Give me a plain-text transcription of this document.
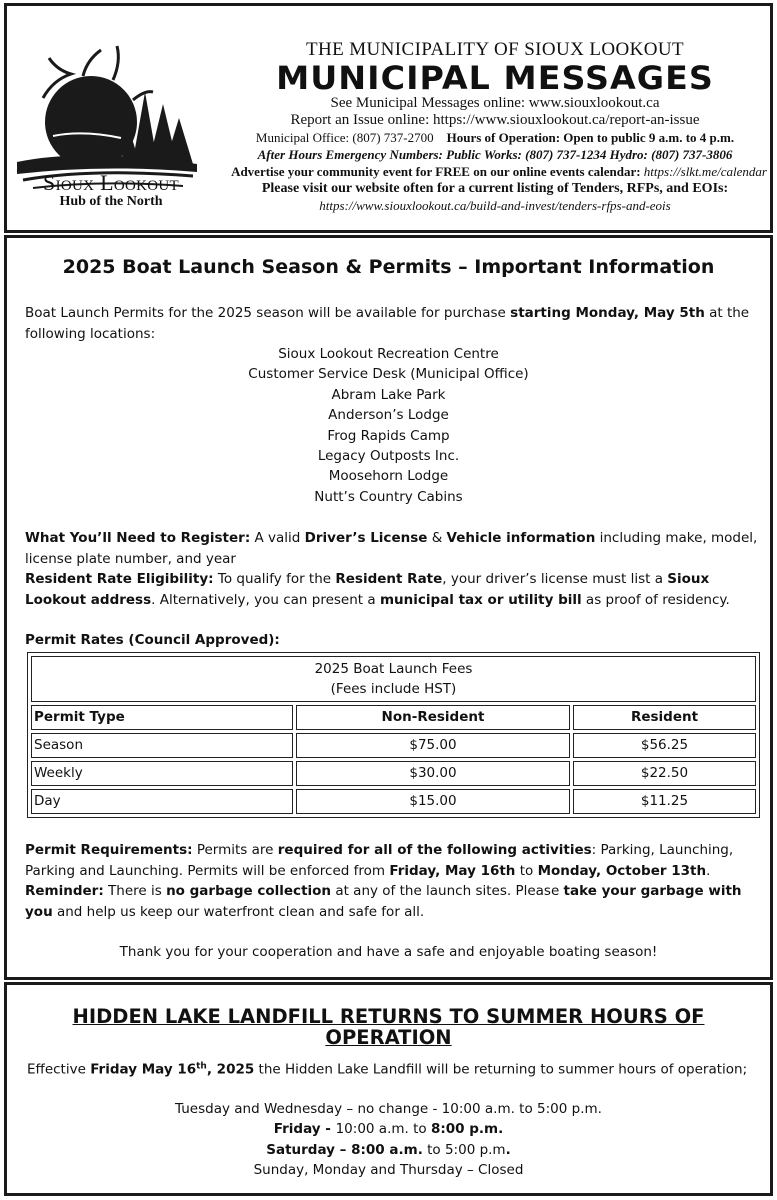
Sioux Lookout
Hub of the North
THE MUNICIPALITY OF SIOUX LOOKOUT
MUNICIPAL MESSAGES
See Municipal Messages online: www.siouxlookout.ca
Report an Issue online: https://www.siouxlookout.ca/report-an-issue
Municipal Office: (807) 737-2700 Hours of Operation: Open to public 9 a.m. to 4 p.m.
After Hours Emergency Numbers: Public Works: (807) 737-1234 Hydro: (807) 737-3806
Advertise your community event for FREE on our online events calendar: https://slkt.me/calendar
Please visit our website often for a current listing of Tenders, RFPs, and EOIs:
https://www.siouxlookout.ca/build-and-invest/tenders-rfps-and-eois
2025 Boat Launch Season & Permits – Important Information
Boat Launch Permits for the 2025 season will be available for purchase starting Monday, May 5th at the following locations:
Sioux Lookout Recreation Centre
Customer Service Desk (Municipal Office)
Abram Lake Park
Anderson’s Lodge
Frog Rapids Camp
Legacy Outposts Inc.
Moosehorn Lodge
Nutt’s Country Cabins
What You’ll Need to Register: A valid Driver’s License & Vehicle information including make, model, license plate number, and year
Resident Rate Eligibility: To qualify for the Resident Rate, your driver’s license must list a Sioux Lookout address. Alternatively, you can present a municipal tax or utility bill as proof of residency.
Permit Rates (Council Approved):
2025 Boat Launch Fees
(Fees include HST)		

Permit Type	Non-Resident	Resident
Season	$75.00	$56.25
Weekly	$30.00	$22.50
Day	$15.00	$11.25
Permit Requirements: Permits are required for all of the following activities: Parking, Launching, Parking and Launching. Permits will be enforced from Friday, May 16th to Monday, October 13th.
Reminder: There is no garbage collection at any of the launch sites. Please take your garbage with you and help us keep our waterfront clean and safe for all.
Thank you for your cooperation and have a safe and enjoyable boating season!
HIDDEN LAKE LANDFILL RETURNS TO SUMMER HOURS OF OPERATION
Effective Friday May 16th, 2025 the Hidden Lake Landfill will be returning to summer hours of operation;
Tuesday and Wednesday – no change - 10:00 a.m. to 5:00 p.m.
Friday - 10:00 a.m. to 8:00 p.m.
Saturday – 8:00 a.m. to 5:00 p.m.
Sunday, Monday and Thursday – Closed
